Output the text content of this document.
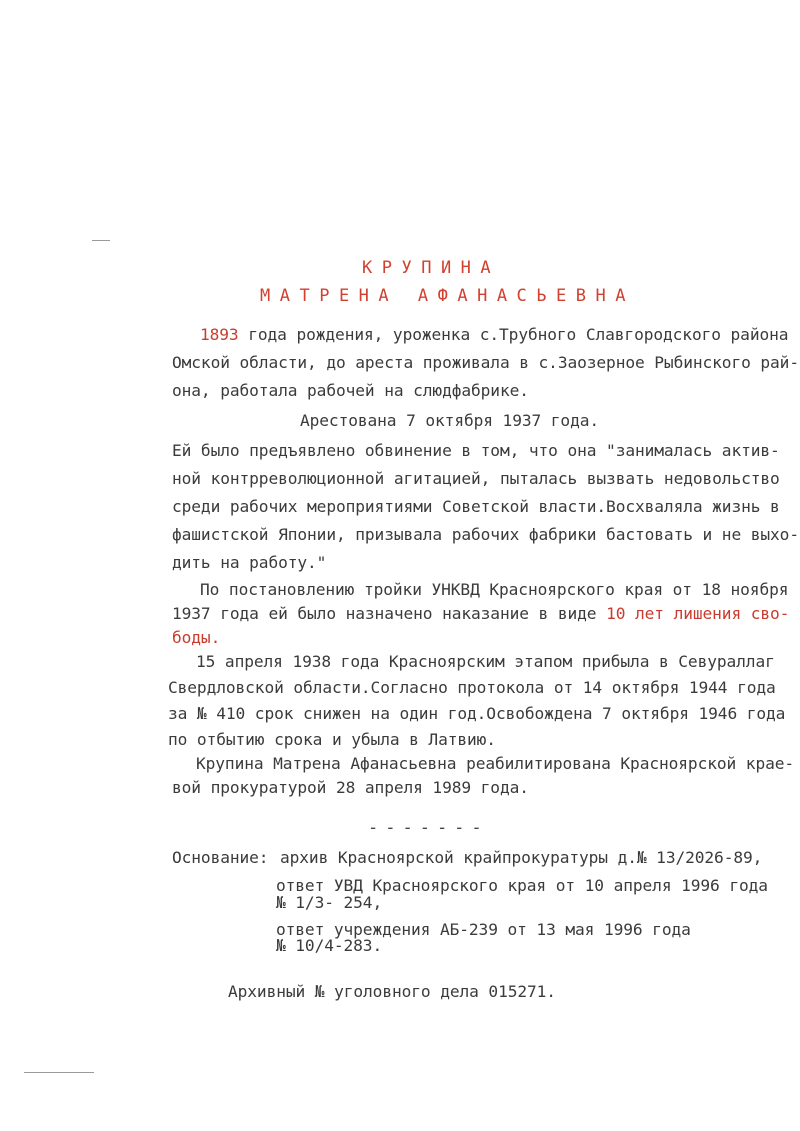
КРУПИНА
МАТРЕНА АФАНАСЬЕВНА
1893 года рождения, уроженка с.Трубного Славгородского района
Омской области, до ареста проживала в с.Заозерное Рыбинского рай-
она, работала рабочей на слюдфабрике.
Арестована 7 октября 1937 года.
Ей было предъявлено обвинение в том, что она "занималась актив-
ной контрреволюционной агитацией, пыталась вызвать недовольство
среди рабочих мероприятиями Советской власти.Восхваляла жизнь в
фашистской Японии, призывала рабочих фабрики бастовать и не выхо-
дить на работу."
По постановлению тройки УНКВД Красноярского края от 18 ноября
1937 года ей было назначено наказание в виде 10 лет лишения сво-
боды.
15 апреля 1938 года Красноярским этапом прибыла в Севураллаг
Свердловской области.Согласно протокола от 14 октября 1944 года
за № 410 срок снижен на один год.Освобождена 7 октября 1946 года
по отбытию срока и убыла в Латвию.
Крупина Матрена Афанасьевна реабилитирована Красноярской крае-
вой прокуратурой 28 апреля 1989 года.
-------
Основание: архив Красноярской крайпрокуратуры д.№ 13/2026-89,
ответ УВД Красноярского края от 10 апреля 1996 года
№ 1/3- 254,
ответ учреждения АБ-239 от 13 мая 1996 года
№ 10/4-283.
Архивный № уголовного дела 015271.
